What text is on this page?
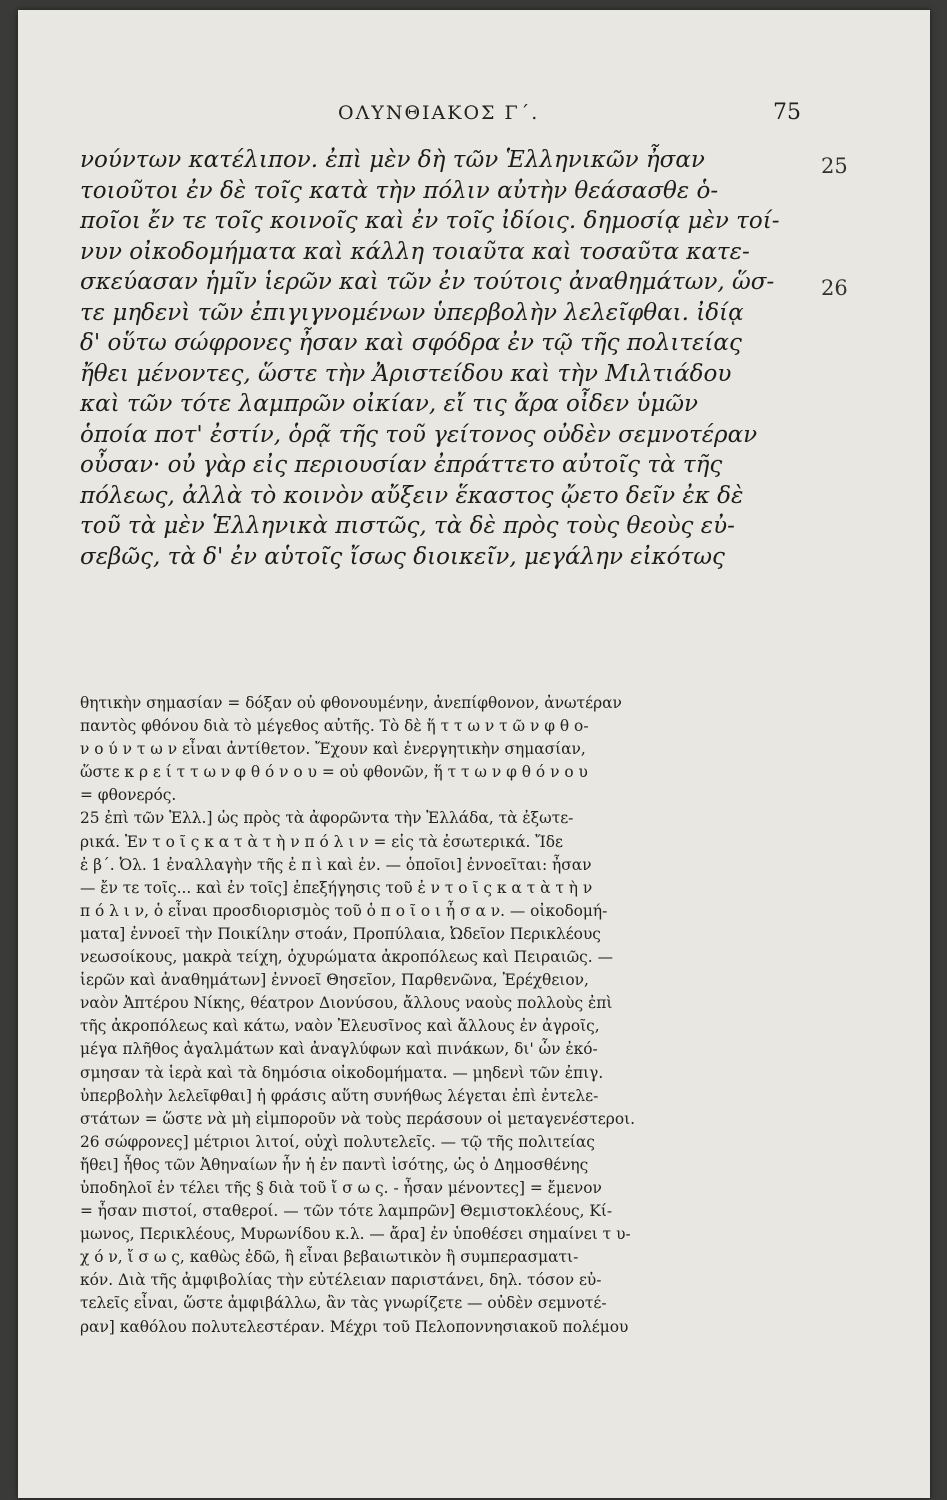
ΟΛΥΝΘΙΑΚΟΣ Γ΄.	75
νούντων κατέλιπον. ἐπὶ μὲν δὴ τῶν Ἑλληνικῶν ἦσαν
τοιοῦτοι ἐν δὲ τοῖς κατὰ τὴν πόλιν αὐτὴν θεάσασθε ὁ-
ποῖοι ἔν τε τοῖς κοινοῖς καὶ ἐν τοῖς ἰδίοις. δημοσίᾳ μὲν τοί-
νυν οἰκοδομήματα καὶ κάλλη τοιαῦτα καὶ τοσαῦτα κατε-
σκεύασαν ἡμῖν ἱερῶν καὶ τῶν ἐν τούτοις ἀναθημάτων, ὥσ-
τε μηδενὶ τῶν ἐπιγιγνομένων ὑπερβολὴν λελεῖφθαι. ἰδίᾳ
δ' οὕτω σώφρονες ἦσαν καὶ σφόδρα ἐν τῷ τῆς πολιτείας
ἤθει μένοντες, ὥστε τὴν Ἀριστείδου καὶ τὴν Μιλτιάδου
καὶ τῶν τότε λαμπρῶν οἰκίαν, εἴ τις ἄρα οἶδεν ὑμῶν
ὁποία ποτ' ἐστίν, ὁρᾷ τῆς τοῦ γείτονος οὐδὲν σεμνοτέραν
οὖσαν· οὐ γὰρ εἰς περιουσίαν ἐπράττετο αὐτοῖς τὰ τῆς
πόλεως, ἀλλὰ τὸ κοινὸν αὔξειν ἕκαστος ᾤετο δεῖν ἐκ δὲ
τοῦ τὰ μὲν Ἑλληνικὰ πιστῶς, τὰ δὲ πρὸς τοὺς θεοὺς εὐ-
σεβῶς, τὰ δ' ἐν αὑτοῖς ἴσως διοικεῖν, μεγάλην εἰκότως
25
26
θητικὴν σημασίαν = δόξαν οὐ φθονουμένην, ἀνεπίφθονον, ἀνωτέραν
παντὸς φθόνου διὰ τὸ μέγεθος αὐτῆς. Τὸ δὲ ἥ τ τ ω ν τ ῶ ν φ θ ο-
ν ο ύ ν τ ω ν εἶναι ἀντίθετον. Ἔχουν καὶ ἐνεργητικὴν σημασίαν,
ὥστε κ ρ ε ί τ τ ω ν φ θ ό ν ο υ = οὐ φθονῶν, ἥ τ τ ω ν φ θ ό ν ο υ
= φθονερός.
25 ἐπὶ τῶν Ἑλλ.] ὡς πρὸς τὰ ἀφορῶντα τὴν Ἑλλάδα, τὰ ἐξωτε-
ρικά. Ἐν τ ο ῖ ς κ α τ ὰ τ ὴ ν π ό λ ι ν = εἰς τὰ ἐσωτερικά. Ἴδε
ἐ β΄. Ὀλ. 1 ἐναλλαγὴν τῆς ἐ π ὶ καὶ ἐν. — ὁποῖοι] ἐννοεῖται: ἦσαν
— ἔν τε τοῖς... καὶ ἐν τοῖς] ἐπεξήγησις τοῦ ἐ ν τ ο ῖ ς κ α τ ὰ τ ὴ ν
π ό λ ι ν, ὁ εἶναι προσδιορισμὸς τοῦ ὁ π ο ῖ ο ι ἦ σ α ν. — οἰκοδομή-
ματα] ἐννοεῖ τὴν Ποικίλην στοάν, Προπύλαια, Ὠδεῖον Περικλέους
νεωσοίκους, μακρὰ τείχη, ὀχυρώματα ἀκροπόλεως καὶ Πειραιῶς. —
ἱερῶν καὶ ἀναθημάτων] ἐννοεῖ Θησεῖον, Παρθενῶνα, Ἐρέχθειον,
ναὸν Ἀπτέρου Νίκης, θέατρον Διονύσου, ἄλλους ναοὺς πολλοὺς ἐπὶ
τῆς ἀκροπόλεως καὶ κάτω, ναὸν Ἐλευσῖνος καὶ ἄλλους ἐν ἀγροῖς,
μέγα πλῆθος ἀγαλμάτων καὶ ἀναγλύφων καὶ πινάκων, δι' ὧν ἐκό-
σμησαν τὰ ἱερὰ καὶ τὰ δημόσια οἰκοδομήματα. — μηδενὶ τῶν ἐπιγ.
ὑπερβολὴν λελεῖφθαι] ἡ φράσις αὕτη συνήθως λέγεται ἐπὶ ἐντελε-
στάτων = ὥστε νὰ μὴ εἰμποροῦν νὰ τοὺς περάσουν οἱ μεταγενέστεροι.
26 σώφρονες] μέτριοι λιτοί, οὐχὶ πολυτελεῖς. — τῷ τῆς πολιτείας
ἤθει] ἦθος τῶν Ἀθηναίων ἦν ἡ ἐν παντὶ ἰσότης, ὡς ὁ Δημοσθένης
ὑποδηλοῖ ἐν τέλει τῆς § διὰ τοῦ ἴ σ ω ς. - ἦσαν μένοντες] = ἔμενον
= ἦσαν πιστοί, σταθεροί. — τῶν τότε λαμπρῶν] Θεμιστοκλέους, Κί-
μωνος, Περικλέους, Μυρωνίδου κ.λ. — ἄρα] ἐν ὑποθέσει σημαίνει τ υ-
χ ό ν, ἴ σ ω ς, καθὼς ἐδῶ, ἢ εἶναι βεβαιωτικὸν ἢ συμπερασματι-
κόν. Διὰ τῆς ἀμφιβολίας τὴν εὐτέλειαν παριστάνει, δηλ. τόσον εὐ-
τελεῖς εἶναι, ὥστε ἀμφιβάλλω, ἂν τὰς γνωρίζετε — οὐδὲν σεμνοτέ-
ραν] καθόλου πολυτελεστέραν. Μέχρι τοῦ Πελοποννησιακοῦ πολέμου
